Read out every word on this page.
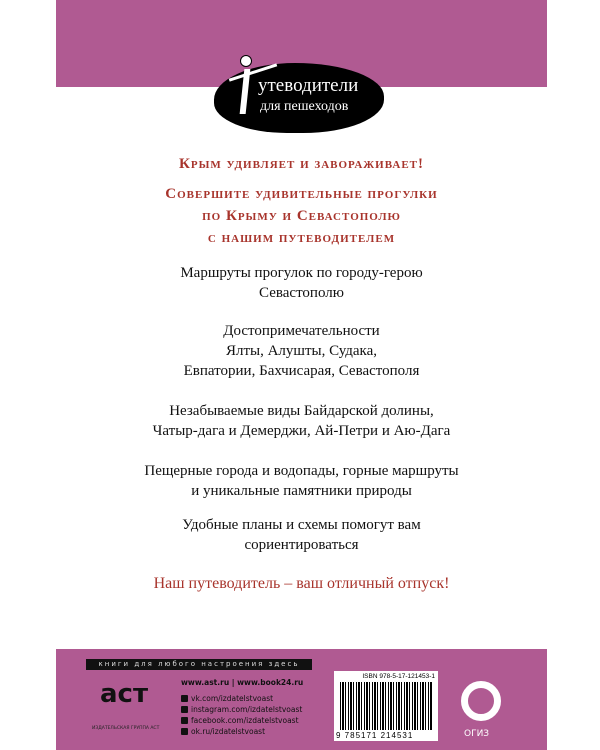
утеводители
для пешеходов
Крым удивляет и завораживает!
Совершите удивительные прогулки
по Крыму и Севастополю
с нашим путеводителем
Маршруты прогулок по городу-герою
Севастополю
Достопримечательности
Ялты, Алушты, Судака,
Евпатории, Бахчисарая, Севастополя
Незабываемые виды Байдарской долины,
Чатыр-дага и Демерджи, Ай-Петри и Аю-Дага
Пещерные города и водопады, горные маршруты
и уникальные памятники природы
Удобные планы и схемы помогут вам
сориентироваться
Наш путеводитель – ваш отличный отпуск!
книги для любого настроения здесь
аст
ИЗДАТЕЛЬСКАЯ ГРУППА АСТ
www.ast.ru | www.book24.ru
vk.com/izdatelstvoast
instagram.com/izdatelstvoast
facebook.com/izdatelstvoast
ok.ru/izdatelstvoast
ISBN 978-5-17-121453-1
9 785171 214531	ОГИЗ
